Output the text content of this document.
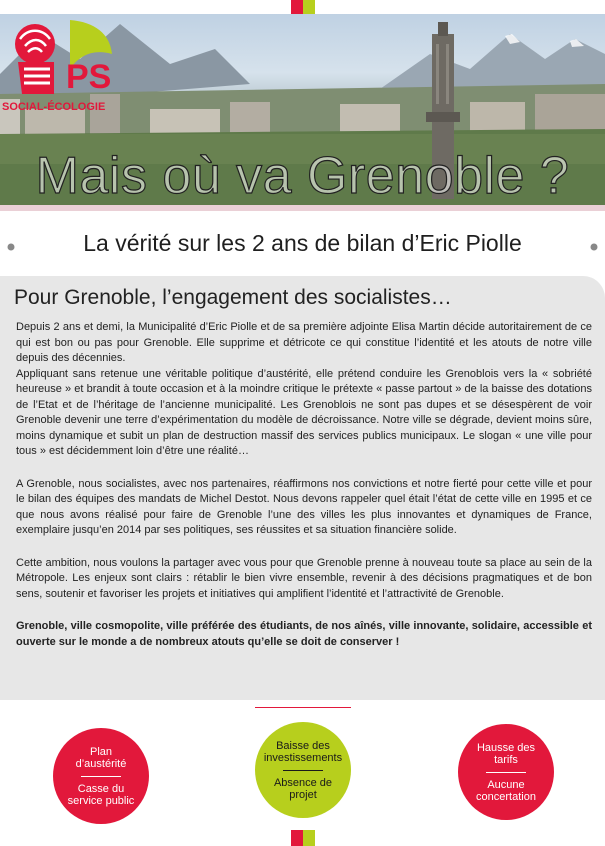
PS
SOCIAL-ÉCOLOGIE
Mais où va Grenoble ?
La vérité sur les 2 ans de bilan d’Eric Piolle
Pour Grenoble, l’engagement des socialistes…

Depuis 2 ans et demi, la Municipalité d’Eric Piolle et de sa première adjointe Elisa Martin décide autoritairement de ce qui est bon ou pas pour Grenoble. Elle supprime et détricote ce qui constitue l’identité et les atouts de notre ville depuis des décennies.

Appliquant sans retenue une véritable politique d’austérité, elle prétend conduire les Grenoblois vers la « sobriété heureuse » et brandit à toute occasion et à la moindre critique le prétexte « passe partout » de la baisse des dotations de l’Etat et de l’héritage de l’ancienne municipalité. Les Grenoblois ne sont pas dupes et se désespèrent de voir Grenoble devenir une terre d’expérimentation du modèle de décroissance. Notre ville se dégrade, devient moins sûre, moins dynamique et subit un plan de destruction massif des services publics municipaux. Le slogan « une ville pour tous » est décidemment loin d’être une réalité…

A Grenoble, nous socialistes, avec nos partenaires, réaffirmons nos convictions et notre fierté pour cette ville et pour le bilan des équipes des mandats de Michel Destot. Nous devons rappeler quel était l’état de cette ville en 1995 et ce que nous avons réalisé pour faire de Grenoble l’une des villes les plus innovantes et dynamiques de France, exemplaire jusqu’en 2014 par ses politiques, ses réussites et sa situation financière solide.

Cette ambition, nous voulons la partager avec vous pour que Grenoble prenne à nouveau toute sa place au sein de la Métropole. Les enjeux sont clairs : rétablir le bien vivre ensemble, revenir à des décisions pragmatiques et de bon sens, soutenir et favoriser les projets et initiatives qui amplifient l’identité et l’attractivité de Grenoble.

Grenoble, ville cosmopolite, ville préférée des étudiants, de nos aînés, ville innovante, solidaire, accessible et ouverte sur le monde a de nombreux atouts qu’elle se doit de conserver !

Plan d’austérité
Casse du service public
Baisse des investissements
Absence de projet
Hausse des tarifs
Aucune concertation
